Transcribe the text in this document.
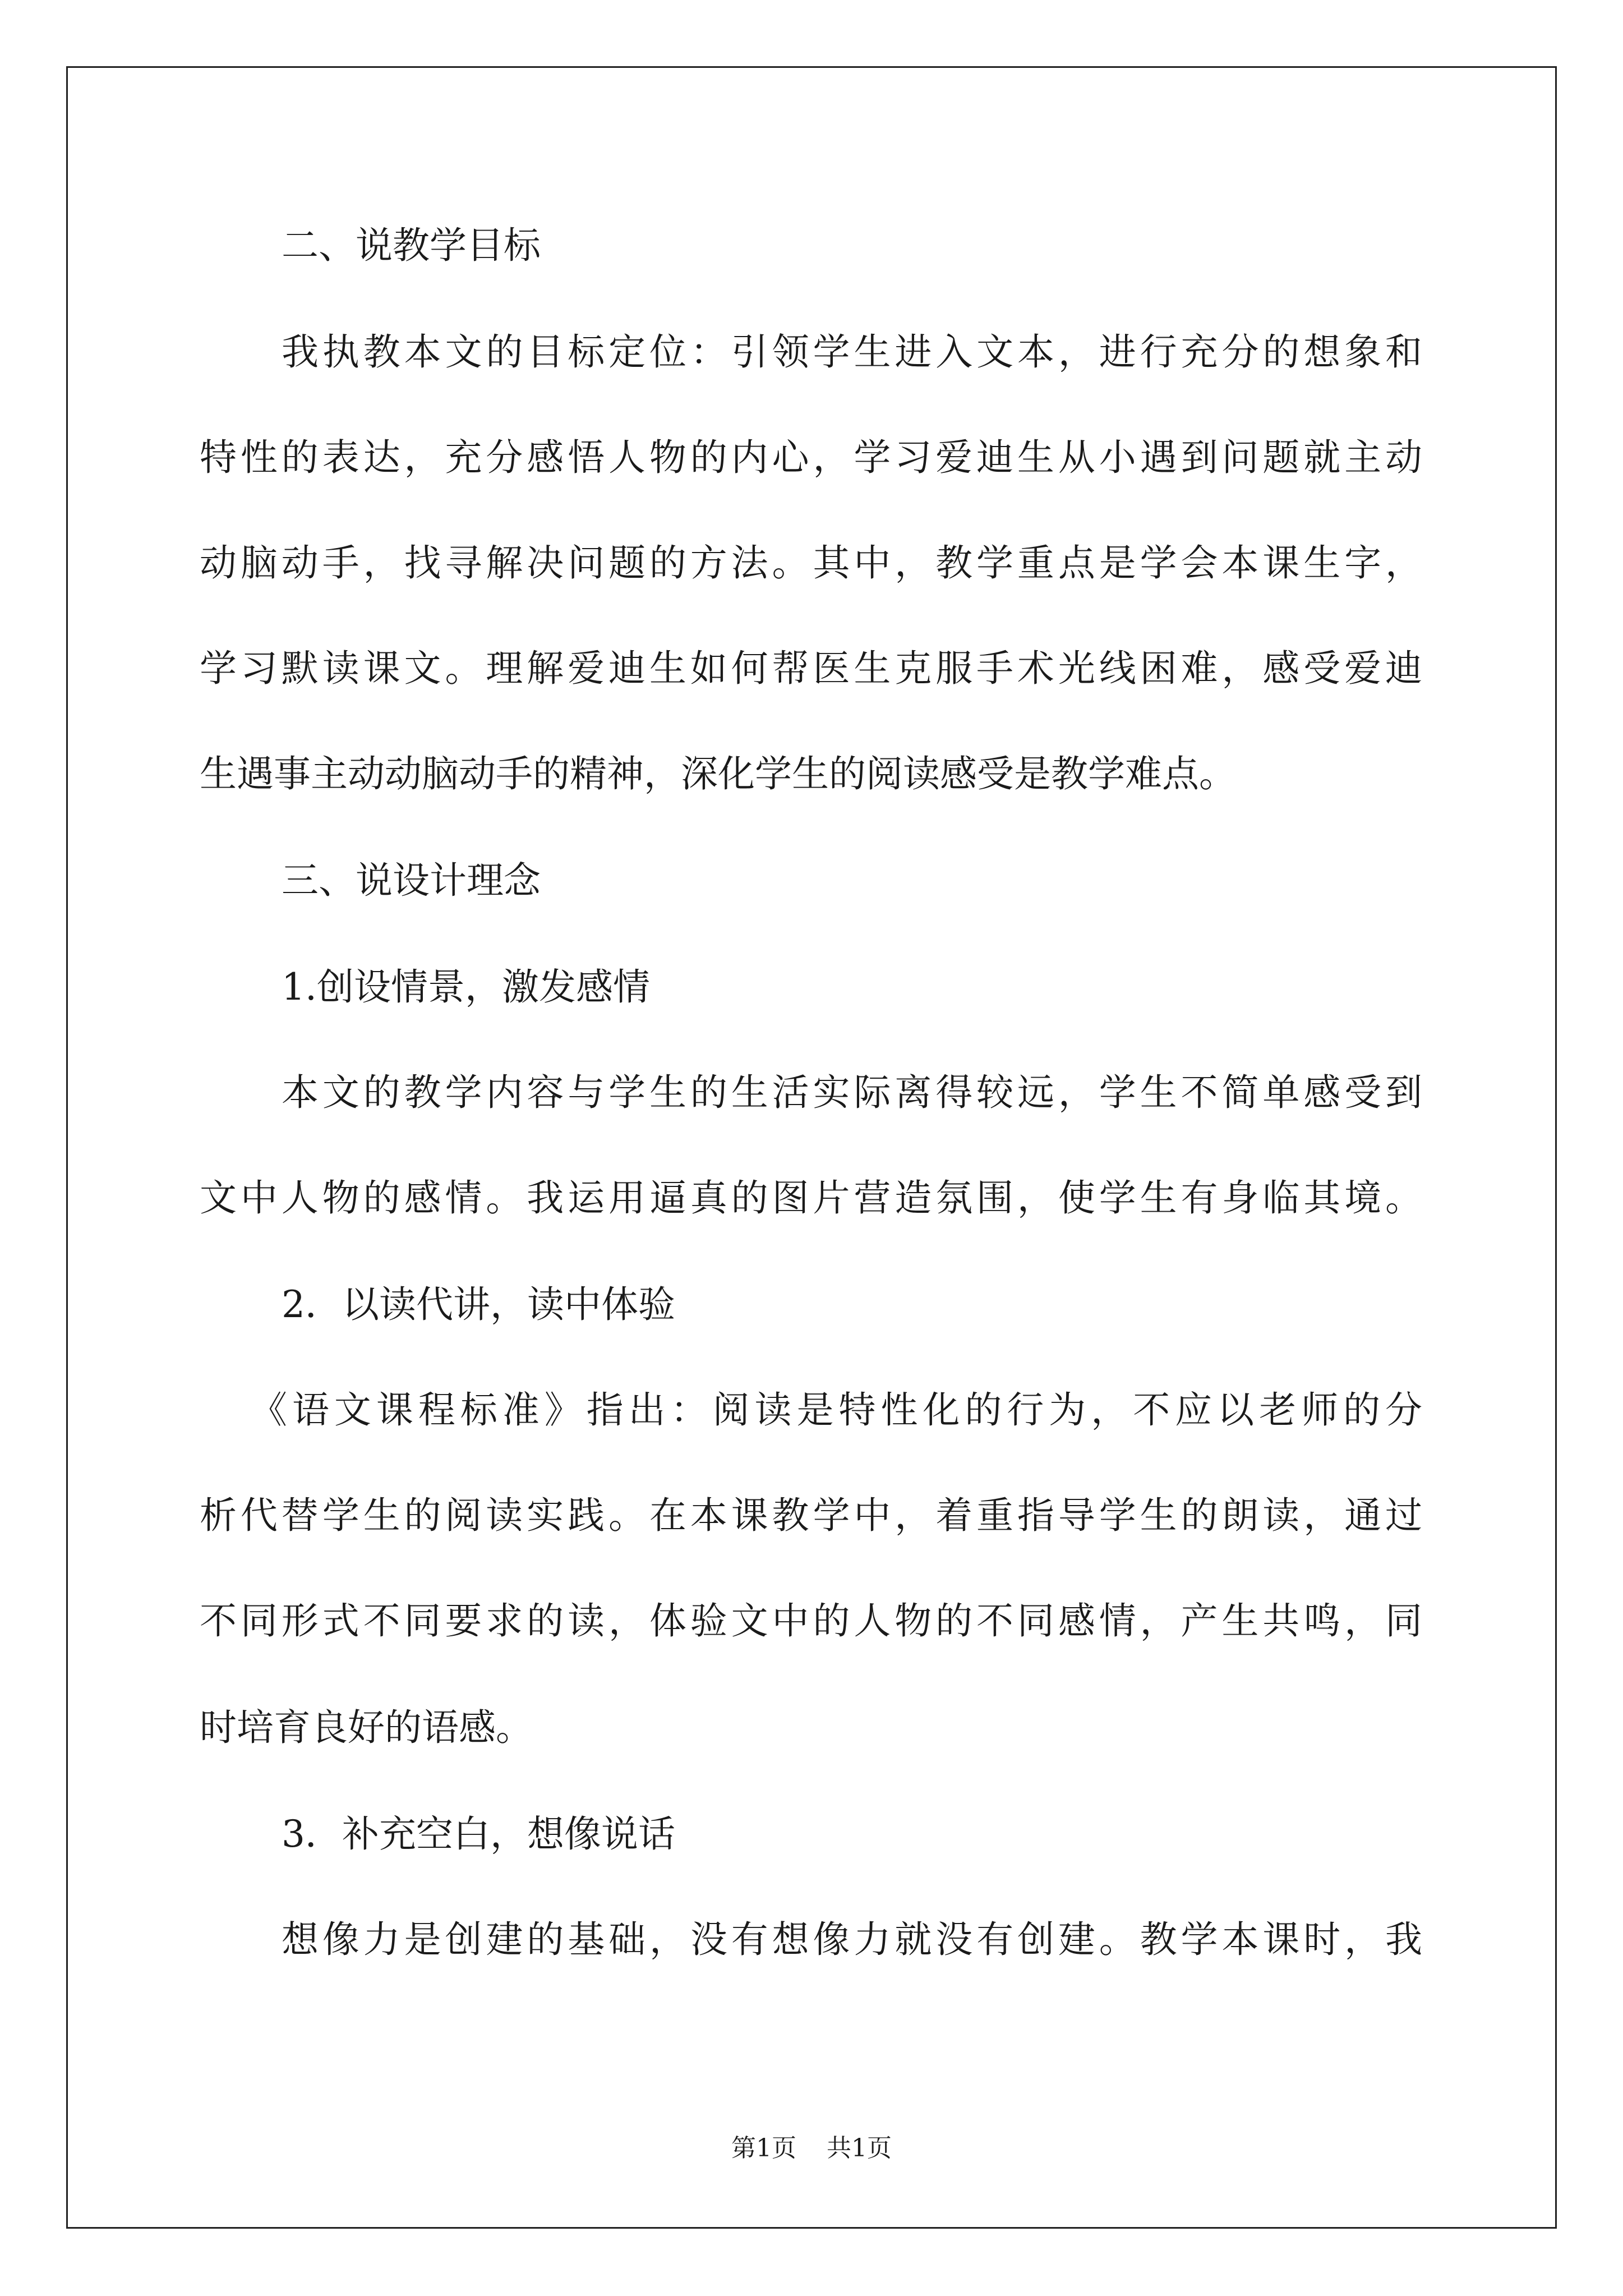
二、说教学目标
我执教本文的目标定位：引领学生进入文本，进行充分的想象和
特性的表达，充分感悟人物的内心，学习爱迪生从小遇到问题就主动
动脑动手，找寻解决问题的方法。其中，教学重点是学会本课生字，
学习默读课文。理解爱迪生如何帮医生克服手术光线困难，感受爱迪
生遇事主动动脑动手的精神，深化学生的阅读感受是教学难点。
三、说设计理念
1.创设情景，激发感情
本文的教学内容与学生的生活实际离得较远，学生不简单感受到
文中人物的感情。我运用逼真的图片营造氛围，使学生有身临其境。
2．以读代讲，读中体验
《语文课程标准》指出：阅读是特性化的行为，不应以老师的分
析代替学生的阅读实践。在本课教学中，着重指导学生的朗读，通过
不同形式不同要求的读，体验文中的人物的不同感情，产生共鸣，同
时培育良好的语感。
3．补充空白，想像说话
想像力是创建的基础，没有想像力就没有创建。教学本课时，我
第1页 共1页
